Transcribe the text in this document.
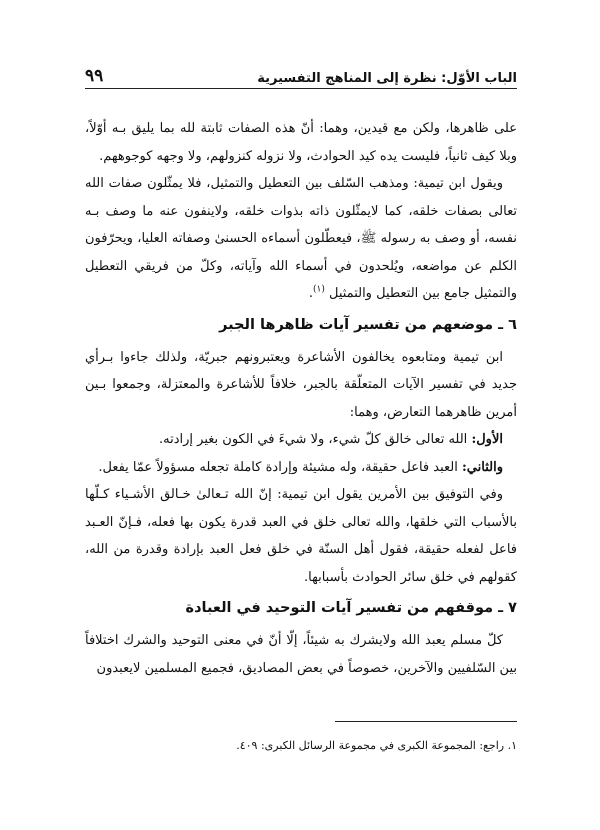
الباب الأوّل: نظرة إلى المناهج التفسيرية
٩٩

على ظاهرها، ولكن مع قيدين، وهما: أنّ هذه الصفات ثابتة لله بما يليق بـه أوّلاً، وبلا كيف ثانياً، فليست يده كيد الحوادث، ولا نزوله كنزولهم، ولا وجهه كوجوههم.

ويقول ابن تيمية: ومذهب السّلف بين التعطيل والتمثيل، فلا يمثّلون صفات الله تعالى بصفات خلقه، كما لايمثّلون ذاته بذوات خلقه، ولاينفون عنه ما وصف بـه نفسه، أو وصف به رسوله ﷺ، فيعطّلون أسماءه الحسنىٰ وصفاته العليا، ويحرّفون الكلم عن مواضعه، ويُلحدون في أسماء الله وآياته، وكلّ من فريقي التعطيل والتمثيل جامع بين التعطيل والتمثيل $^{(١)}$.

٦ ـ موضعهم من تفسير آيات ظاهرها الجبر

ابن تيمية ومتابعوه يخالفون الأشاعرة ويعتبرونهم جبريّة، ولذلك جاءوا بـرأي جديد في تفسير الآيات المتعلّقة بالجبر، خلافاً للأشاعرة والمعتزلة، وجمعوا بـين أمرين ظاهرهما التعارض، وهما:

الأول: الله تعالى خالق كلّ شيء، ولا شيءَ في الكون بغير إرادته.

والثاني: العبد فاعل حقيقة، وله مشيئة وإرادة كاملة تجعله مسؤولاً عمّا يفعل.

وفي التوفيق بين الأمرين يقول ابن تيمية: إنّ الله تـعالىٰ خـالق الأشـياء كـلّها بالأسباب التي خلقها، والله تعالى خلق في العبد قدرة يكون بها فعله، فـإنّ العـبد فاعل لفعله حقيقة، فقول أهل السنّة في خلق فعل العبد بإرادة وقدرة من الله، كقولهم في خلق سائر الحوادث بأسبابها.

٧ ـ موقفهم من تفسير آيات التوحيد في العبادة

كلّ مسلم يعبد الله ولايشرك به شيئاً، إلّا أنّ في معنى التوحيد والشرك اختلافاً بين السّلفيين والآخرين، خصوصاً في بعض المصاديق، فجميع المسلمين لايعبدون

١. راجع: المجموعة الكبرى في مجموعة الرسائل الكبرى: ٤٠٩.
